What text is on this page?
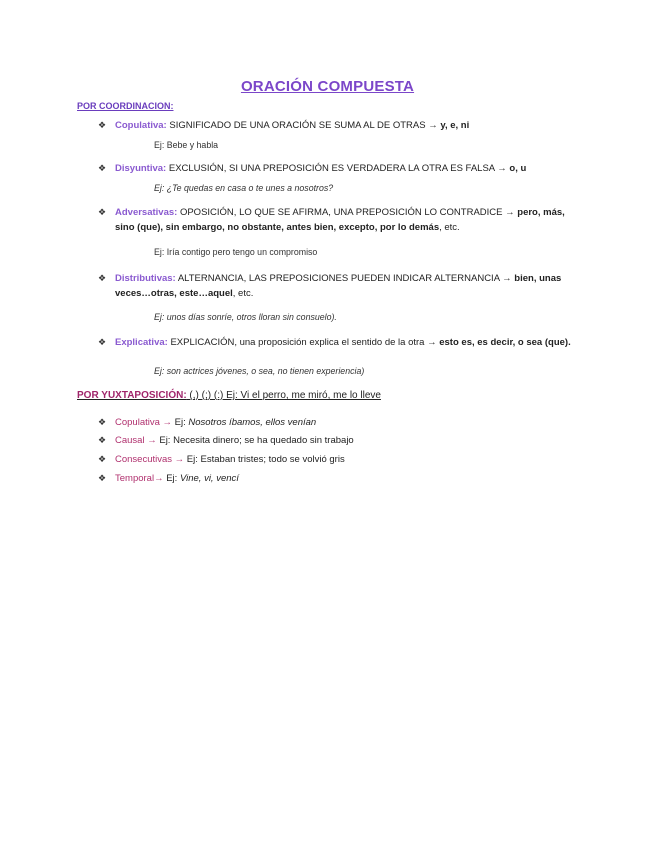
ORACIÓN COMPUESTA
POR COORDINACION:
❖ Copulativa: SIGNIFICADO DE UNA ORACIÓN SE SUMA AL DE OTRAS → y, e, ni
Ej: Bebe y habla
❖ Disyuntiva: EXCLUSIÓN, SI UNA PREPOSICIÓN ES VERDADERA LA OTRA ES FALSA → o, u
Ej: ¿Te quedas en casa o te unes a nosotros?
❖ Adversativas: OPOSICIÓN, LO QUE SE AFIRMA, UNA PREPOSICIÓN LO CONTRADICE → pero, más, sino (que), sin embargo, no obstante, antes bien, excepto, por lo demás, etc.
Ej: Iría contigo pero tengo un compromiso
❖ Distributivas: ALTERNANCIA, LAS PREPOSICIONES PUEDEN INDICAR ALTERNANCIA → bien, unas veces…otras, este…aquel, etc.
Ej: unos días sonríe, otros lloran sin consuelo).
❖ Explicativa: EXPLICACIÓN, una proposición explica el sentido de la otra → esto es, es decir, o sea (que).
Ej: son actrices jóvenes, o sea, no tienen experiencia)
POR YUXTAPOSICIÓN: (,) (;) (:) Ej: Vi el perro, me miró, me lo lleve
❖ Copulativa → Ej: Nosotros íbamos, ellos venían
❖ Causal → Ej: Necesita dinero; se ha quedado sin trabajo
❖ Consecutivas → Ej: Estaban tristes; todo se volvió gris
❖ Temporal→ Ej: Vine, vi, vencí
